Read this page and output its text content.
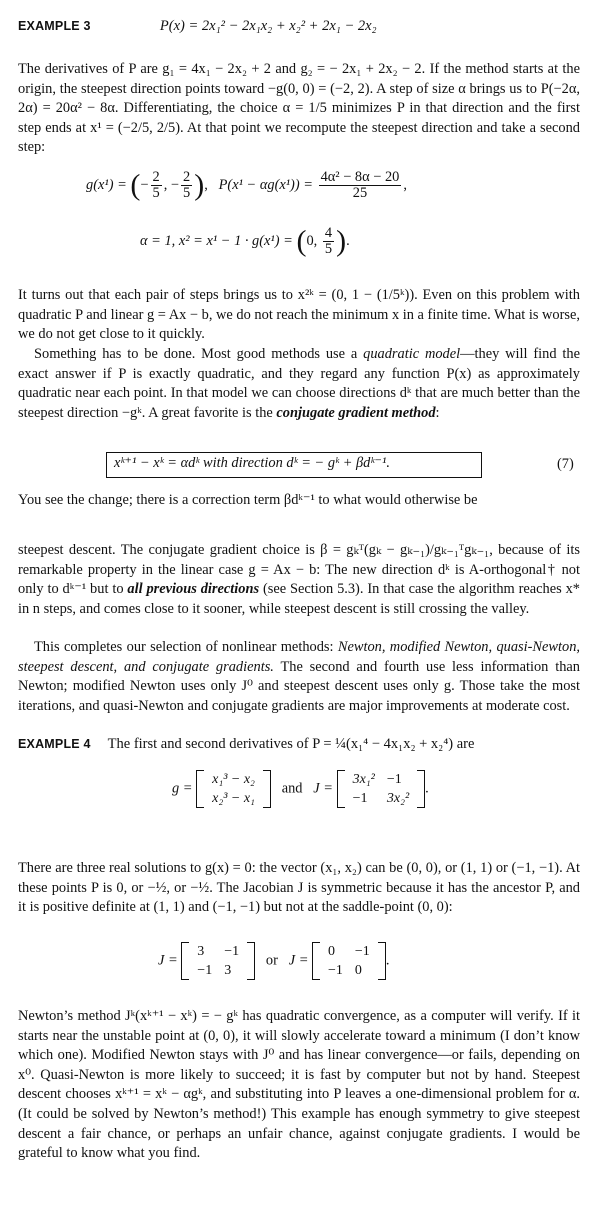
EXAMPLE 3	P(x) = 2x₁² − 2x₁x₂ + x₂² + 2x₁ − 2x₂
The derivatives of P are g₁ = 4x₁ − 2x₂ + 2 and g₂ = − 2x₁ + 2x₂ − 2. If the method starts at the origin, the steepest direction points toward −g(0, 0) = (−2, 2). A step of size α brings us to P(−2α, 2α) = 20α² − 8α. Differentiating, the choice α = 1/5 minimizes P in that direction and the first step ends at x¹ = (−2/5, 2/5). At that point we recompute the steepest direction and take a second step:
g(x¹) = (− $\frac{2}{5}$ , − $\frac{2}{5}$ ),   $P(x^1 - \alpha g(x^1)) = \frac{\text{4α² − 8α − 20}}{25}$ ,
α = 1, x² = x¹ − 1 · g(x¹) = (0, $\frac{4}{5}$ ).
It turns out that each pair of steps brings us to x²ᵏ = (0, 1 − (1/5ᵏ)). Even on this problem with quadratic P and linear g = Ax − b, we do not reach the minimum x in a finite time. What is worse, we do not get close to it quickly.
Something has to be done. Most good methods use a quadratic model—they will find the exact answer if P is exactly quadratic, and they regard any function P(x) as approximately quadratic near each point. In that model we can choose directions dᵏ that are much better than the steepest direction −gᵏ. A great favorite is the conjugate gradient method:
xᵏ⁺¹ − xᵏ = αdᵏ with direction dᵏ = − gᵏ + βdᵏ⁻¹.	(7)
You see the change; there is a correction term βdᵏ⁻¹ to what would otherwise be
steepest descent. The conjugate gradient choice is β = gₖᵀ(gₖ − gₖ₋₁)/gₖ₋₁ᵀgₖ₋₁, because of its remarkable property in the linear case g = Ax − b: The new direction dᵏ is A-orthogonal† not only to dᵏ⁻¹ but to all previous directions (see Section 5.3). In that case the algorithm reaches x* in n steps, and comes close to it sooner, while steepest descent is still crossing the valley.
This completes our selection of nonlinear methods: Newton, modified Newton, quasi-Newton, steepest descent, and conjugate gradients. The second and fourth use less information than Newton; modified Newton uses only J⁰ and steepest descent uses only g. Those take the most iterations, and quasi-Newton and conjugate gradients are major improvements at moderate cost.
EXAMPLE 4 The first and second derivatives of P = ¼(x₁⁴ − 4x₁x₂ + x₂⁴) are
g =
x₁³ − x₂
x₂³ − x₁
and J =
3x₁²	−1
−1	3x₂²
.
There are three real solutions to g(x) = 0: the vector (x₁, x₂) can be (0, 0), or (1, 1) or (−1, −1). At these points P is 0, or −½, or −½. The Jacobian J is symmetric because it has the ancestor P, and it is positive definite at (1, 1) and (−1, −1) but not at the saddle-point (0, 0):
J =
3	−1
−1	3
or J =
0	−1
−1	0
.
Newton’s method Jᵏ(xᵏ⁺¹ − xᵏ) = − gᵏ has quadratic convergence, as a computer will verify. If it starts near the unstable point at (0, 0), it will slowly accelerate toward a minimum (I don’t know which one). Modified Newton stays with J⁰ and has linear convergence—or fails, depending on x⁰. Quasi-Newton is more likely to succeed; it is fast by computer but not by hand. Steepest descent chooses xᵏ⁺¹ = xᵏ − αgᵏ, and substituting into P leaves a one-dimensional problem for α. (It could be solved by Newton’s method!) This example has enough symmetry to give steepest descent a fair chance, or perhaps an unfair chance, against conjugate gradients. I would be grateful to know what you find.
